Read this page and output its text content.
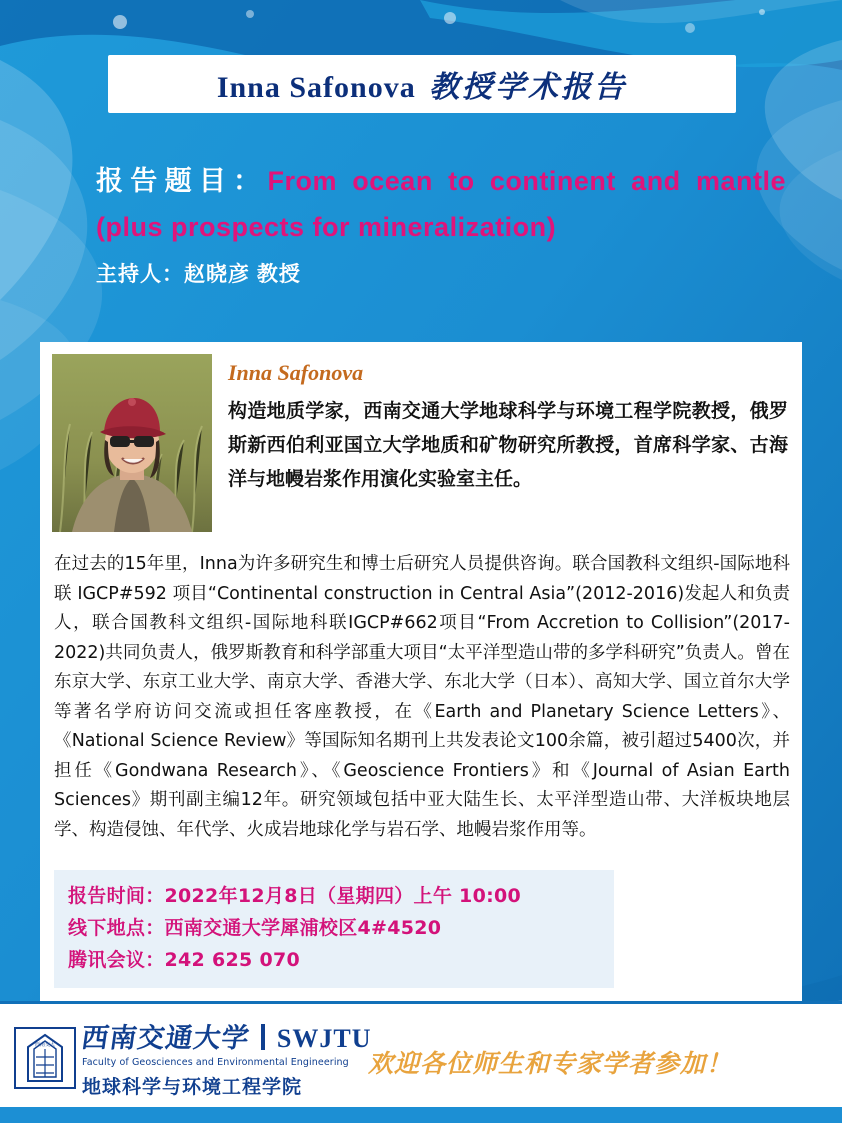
Inna Safonova 教授学术报告
报告题目：From ocean to continent and mantle (plus prospects for mineralization)
主持人：赵晓彦 教授
Inna Safonova
构造地质学家，西南交通大学地球科学与环境工程学院教授，俄罗斯新西伯利亚国立大学地质和矿物研究所教授，首席科学家、古海洋与地幔岩浆作用演化实验室主任。
在过去的15年里，Inna为许多研究生和博士后研究人员提供咨询。联合国教科文组织-国际地科联 IGCP#592 项目“Continental construction in Central Asia”(2012-2016)发起人和负责人，联合国教科文组织-国际地科联IGCP#662项目“From Accretion to Collision”(2017-2022)共同负责人，俄罗斯教育和科学部重大项目“太平洋型造山带的多学科研究”负责人。曾在东京大学、东京工业大学、南京大学、香港大学、东北大学（日本）、高知大学、国立首尔大学等著名学府访问交流或担任客座教授，在《Earth and Planetary Science Letters》、《National Science Review》等国际知名期刊上共发表论文100余篇，被引超过5400次，并担任《Gondwana Research》、《Geoscience Frontiers》和《Journal of Asian Earth Sciences》期刊副主编12年。研究领域包括中亚大陆生长、太平洋型造山带、大洋板块地层学、构造侵蚀、年代学、火成岩地球化学与岩石学、地幔岩浆作用等。
报告时间：2022年12月8日（星期四）上午 10:00
线下地点：西南交通大学犀浦校区4#4520
腾讯会议：242 625 070
西南交大 西南交通大学 SWJTU
Faculty of Geosciences and Environmental Engineering
地球科学与环境工程学院
欢迎各位师生和专家学者参加！
